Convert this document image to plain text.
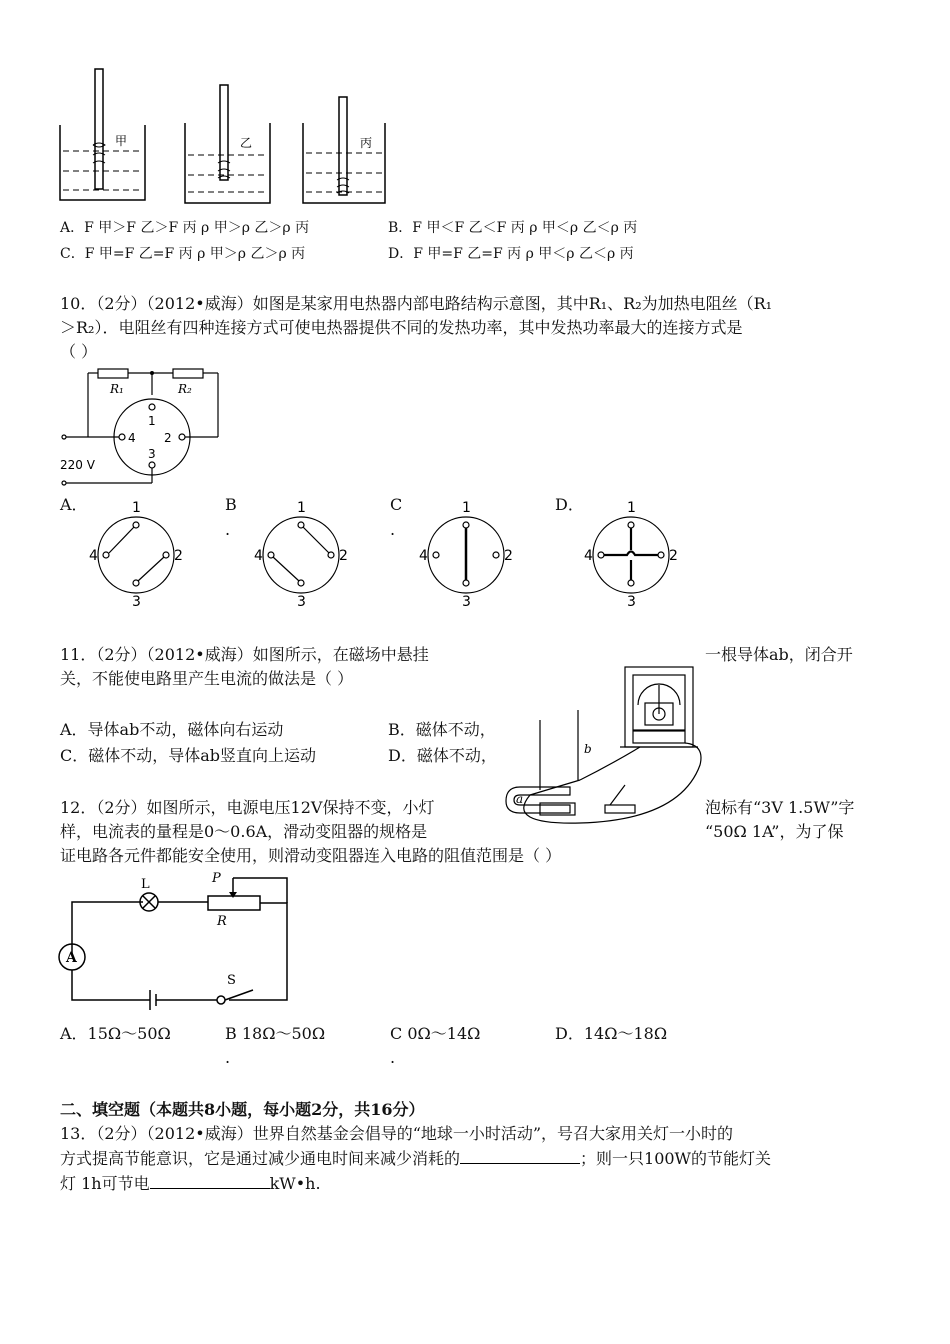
甲	乙	丙
A．F 甲＞F 乙＞F 丙 ρ 甲＞ρ 乙＞ρ 丙	B．F 甲＜F 乙＜F 丙 ρ 甲＜ρ 乙＜ρ 丙
C．F 甲=F 乙=F 丙 ρ 甲＞ρ 乙＞ρ 丙	D．F 甲=F 乙=F 丙 ρ 甲＜ρ 乙＜ρ 丙
10．（2分）（2012•威海）如图是某家用电热器内部电路结构示意图，其中R₁、R₂为加热电阻丝（R₁
＞R₂）．电阻丝有四种连接方式可使电热器提供不同的发热功率，其中发热功率最大的连接方式是
（ ）
R₁	R₂
1
2
3
4
220 V
A．	B
.
C
.
D．
1
2
3
4
1
2
3
4
1
2
3
4
1
2
3
4
11．（2分）（2012•威海）如图所示，在磁场中悬挂	一根导体ab，闭合开
关，不能使电路里产生电流的做法是（ ）
A．导体ab不动，磁体向右运动	B．磁体不动，
C．磁体不动，导体ab竖直向上运动	D．磁体不动，
a
b
12．（2分）如图所示，电源电压12V保持不变，小灯	泡标有“3V 1.5W”字
样，电流表的量程是0～0.6A，滑动变阻器的规格是	“50Ω 1A”，为了保
证电路各元件都能安全使用，则滑动变阻器连入电路的阻值范围是（ ）
L	P
R
A
S
A．15Ω～50Ω	B 18Ω～50Ω
.
C 0Ω～14Ω
.
D．14Ω～18Ω
二、填空题（本题共8小题，每小题2分，共16分）
13．（2分）（2012•威海）世界自然基金会倡导的“地球一小时活动”，号召大家用关灯一小时的
方式提高节能意识，它是通过减少通电时间来减少消耗的	；则一只100W的节能灯关
灯 1h可节电	kW•h.
